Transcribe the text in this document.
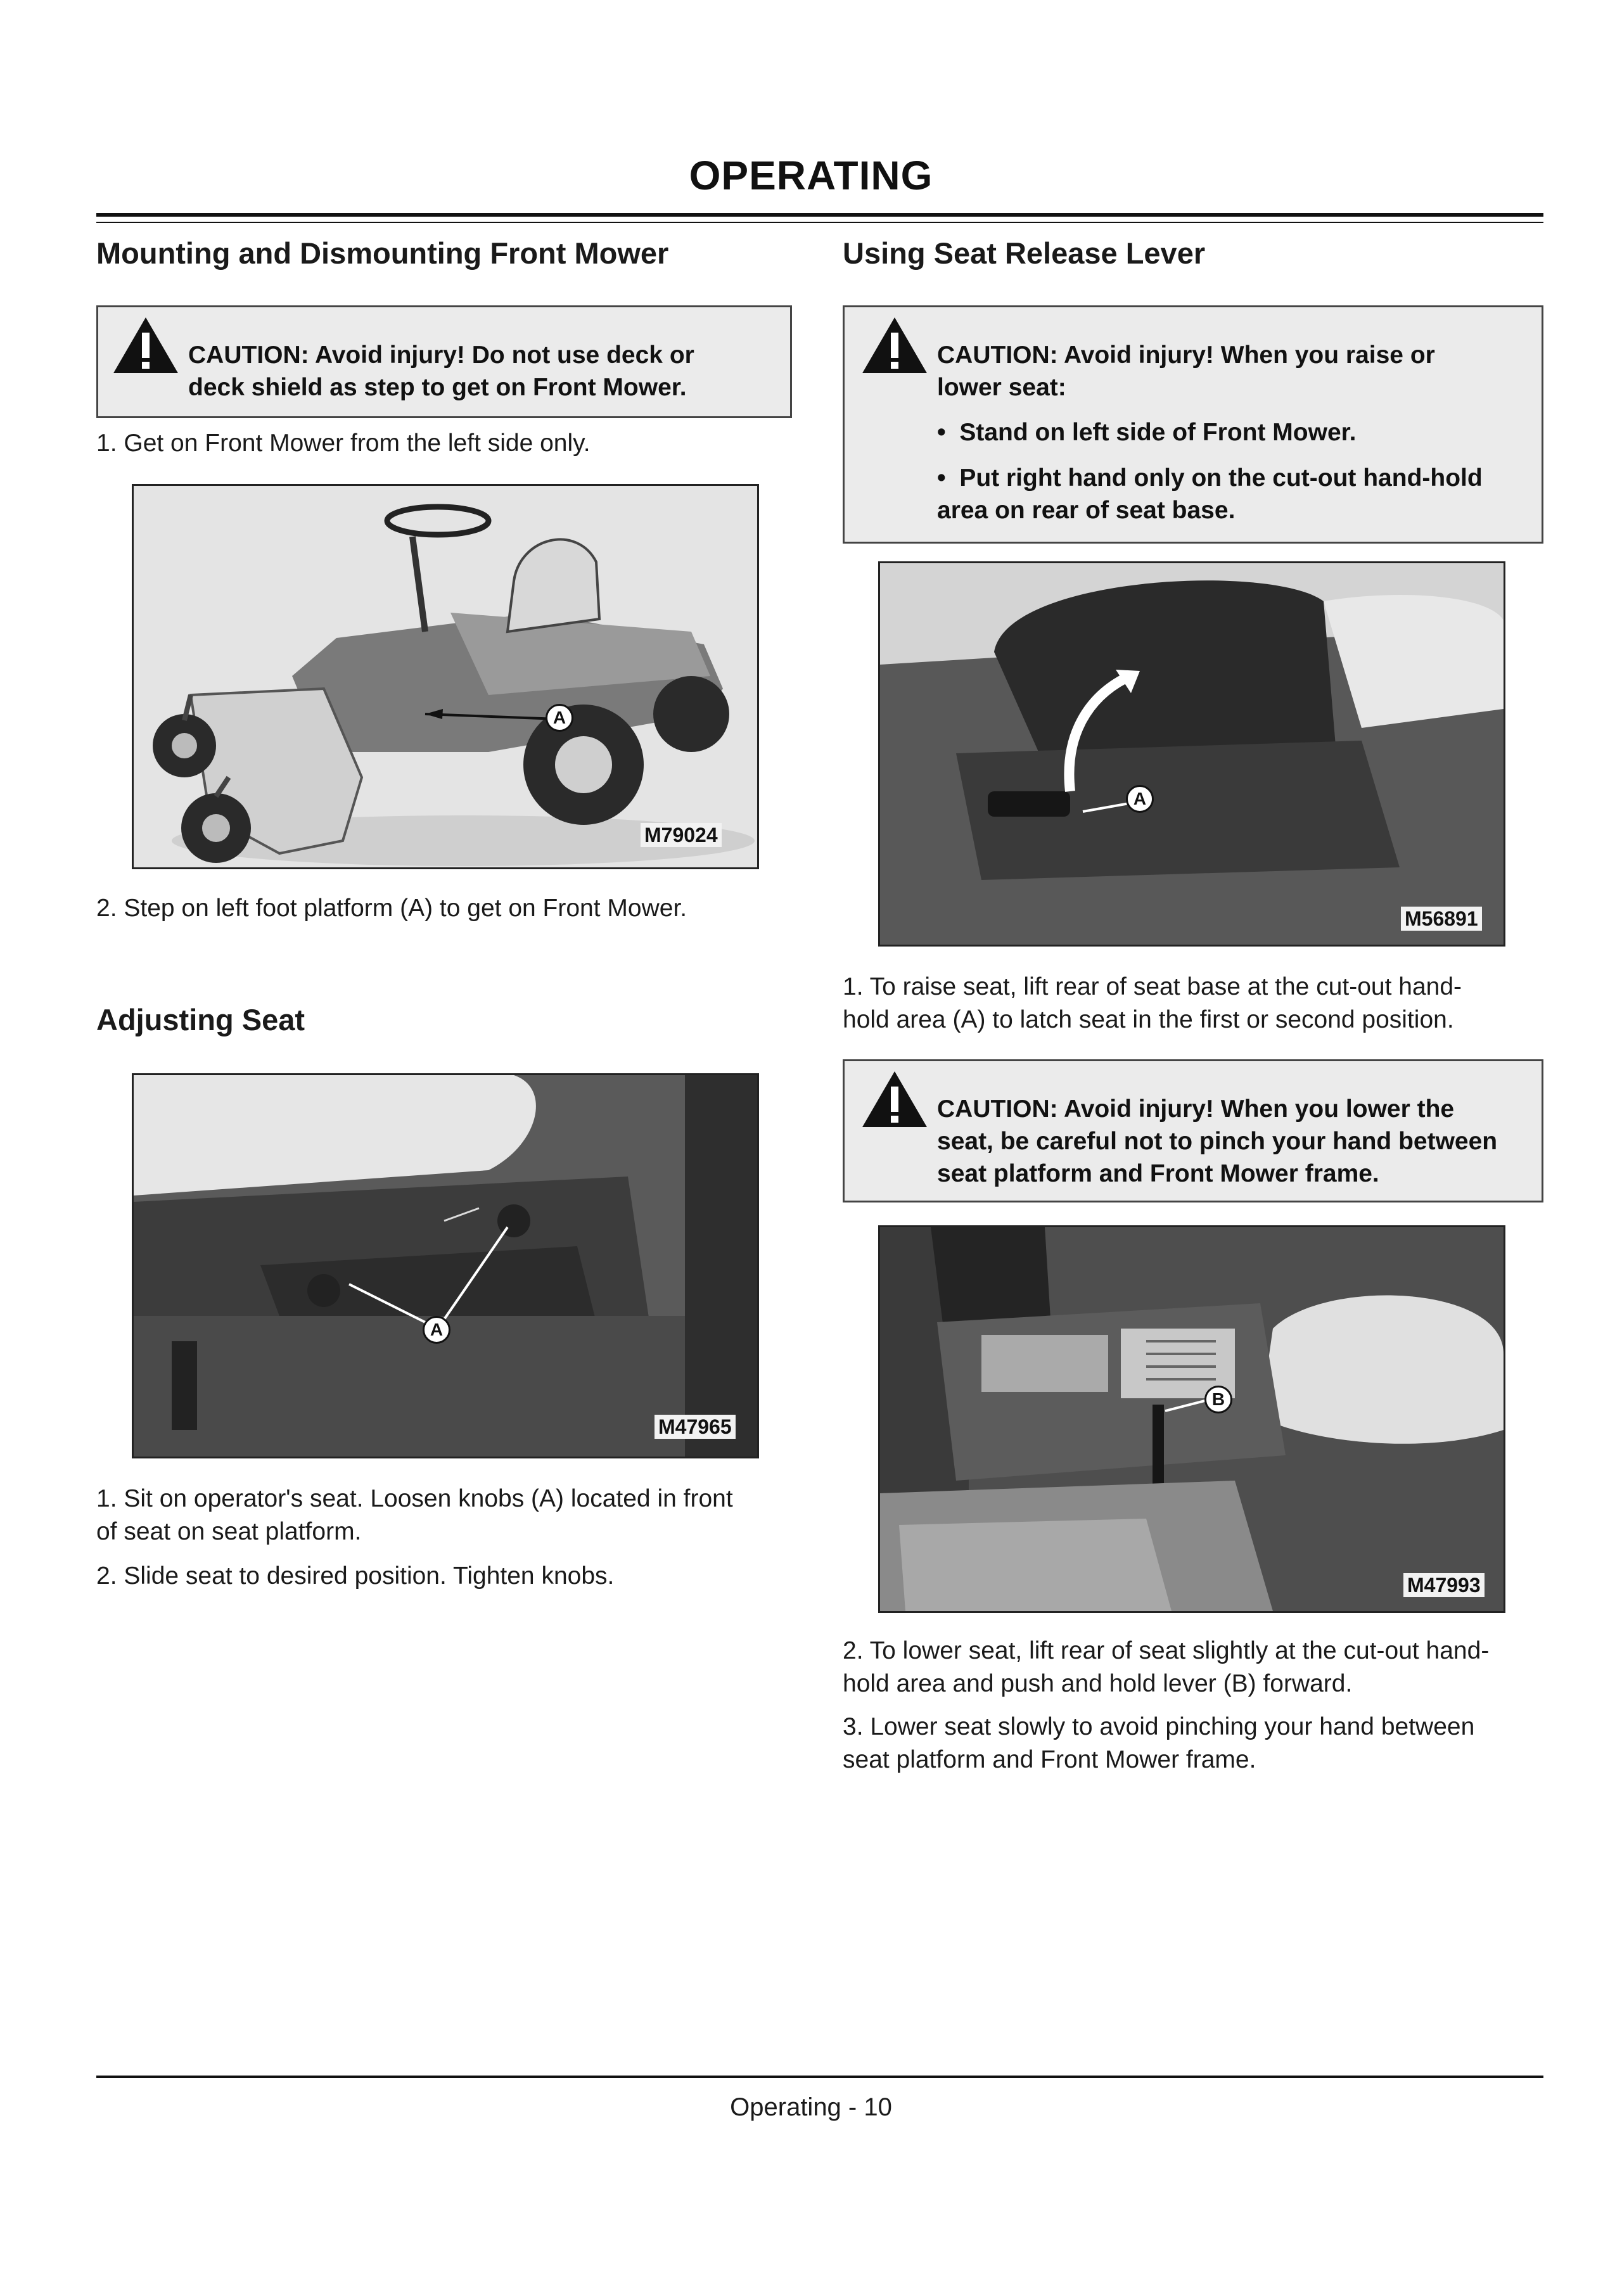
OPERATING
Mounting and Dismounting Front Mower
CAUTION: Avoid injury! Do not use deck or
deck shield as step to get on Front Mower.
1. Get on Front Mower from the left side only.
A
M79024
2. Step on left foot platform (A) to get on Front Mower.
Adjusting Seat
A
M47965
1. Sit on operator's seat. Loosen knobs (A) located in front
of seat on seat platform.
2. Slide seat to desired position. Tighten knobs.
Using Seat Release Lever
CAUTION: Avoid injury! When you raise or
lower seat:
• Stand on left side of Front Mower.
• Put right hand only on the cut-out hand-hold
area on rear of seat base.
A
M56891
1. To raise seat, lift rear of seat base at the cut-out hand-
hold area (A) to latch seat in the first or second position.
CAUTION: Avoid injury! When you lower the
seat, be careful not to pinch your hand between
seat platform and Front Mower frame.
B
M47993
2. To lower seat, lift rear of seat slightly at the cut-out hand-
hold area and push and hold lever (B) forward.
3. Lower seat slowly to avoid pinching your hand between
seat platform and Front Mower frame.
Operating - 10
